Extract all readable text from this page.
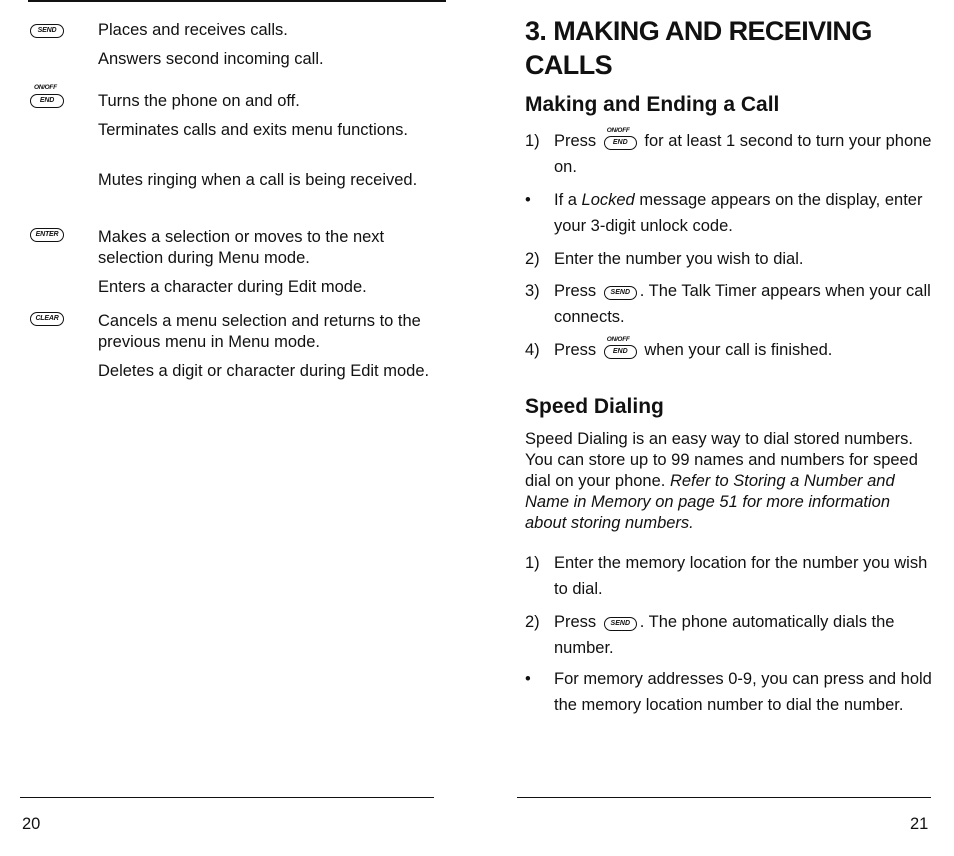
SEND	Places and receives calls.

Answers second incoming call.

ON/OFF
END	Turns the phone on and off.

Terminates calls and exits menu functions.

Mutes ringing when a call is being received.

ENTER	Makes a selection or moves to the next selection during Menu mode.

Enters a character during Edit mode.

CLEAR	Cancels a menu selection and returns to the previous menu in Menu mode.

Deletes a digit or character during Edit mode.

20
3. MAKING AND RECEIVING
CALLS
Making and Ending a Call
1) Press
ON/OFF
END for at least 1 second to turn your phone on.
• If a Locked message appears on the display, enter your 3-digit unlock code.
2) Enter the number you wish to dial.
3) Press SEND . The Talk Timer appears when your call connects.
4) Press
ON/OFF
END when your call is finished.
Speed Dialing

Speed Dialing is an easy way to dial stored numbers. You can store up to 99 names and numbers for speed dial on your phone. Refer to Storing a Number and Name in Memory on page 51 for more information about storing numbers.

1) Enter the memory location for the number you wish to dial.
2) Press SEND . The phone automatically dials the number.
• For memory addresses 0-9, you can press and hold the memory location number to dial the number.
21
